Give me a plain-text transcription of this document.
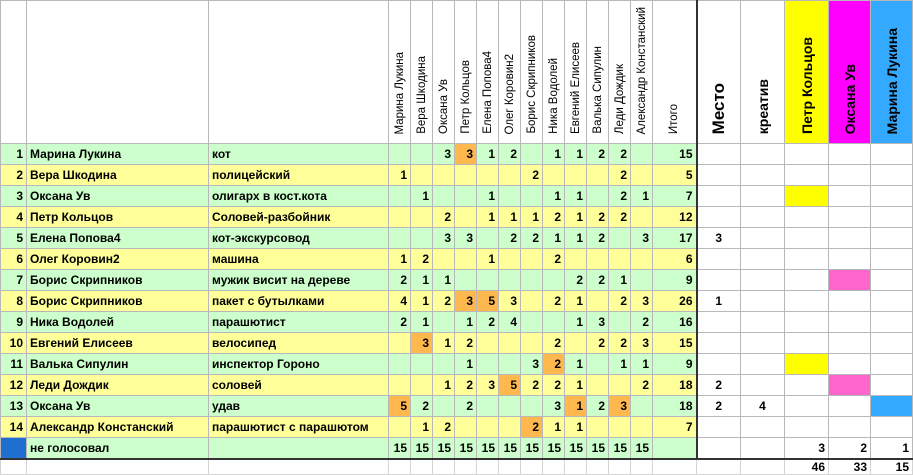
			Марина Лукина	Вера Шкодина	Оксана Ув	Петр Кольцов	Елена Попова4	Олег Коровин2	Борис Скрипников	Ника Водолей	Евгений Елисеев	Валька Сипулин	Леди Дождик	Александр Констанский	Итого	Место	креатив	Петр Кольцов	Оксана Ув	Марина Лукина
1	Марина Лукина	кот			3	3	1	2		1	1	2	2		15					
2	Вера Шкодина	полицейский	1						2				2		5					
3	Оксана Ув	олигарх в кост.кота		1			1			1	1		2	1	7					
4	Петр Кольцов	Соловей-разбойник			2		1	1	1	2	1	2	2		12					
5	Елена Попова4	кот-экскурсовод			3	3		2	2	1	1	2		3	17	3				
6	Олег Коровин2	машина	1	2			1			2					6					
7	Борис Скрипников	мужик висит на дереве	2	1	1						2	2	1		9					
8	Борис Скрипников	пакет с бутылками	4	1	2	3	5	3		2	1		2	3	26	1				
9	Ника Водолей	парашютист	2	1		1	2	4			1	3		2	16					
10	Евгений Елисеев	велосипед		3	1	2				2		2	2	3	15					
11	Валька Сипулин	инспектор Гороно				1			3	2	1		1	1	9					
12	Леди Дождик	соловей			1	2	3	5	2	2	1			2	18	2				
13	Оксана Ув	удав	5	2		2				3	1	2	3		18	2	4			
14	Александр Констанский	парашютист с парашютом		1	2				2	1	1				7					
	не голосовал		15	15	15	15	15	15	15	15	15	15	15	15				3	2	1
																		46	33	15
